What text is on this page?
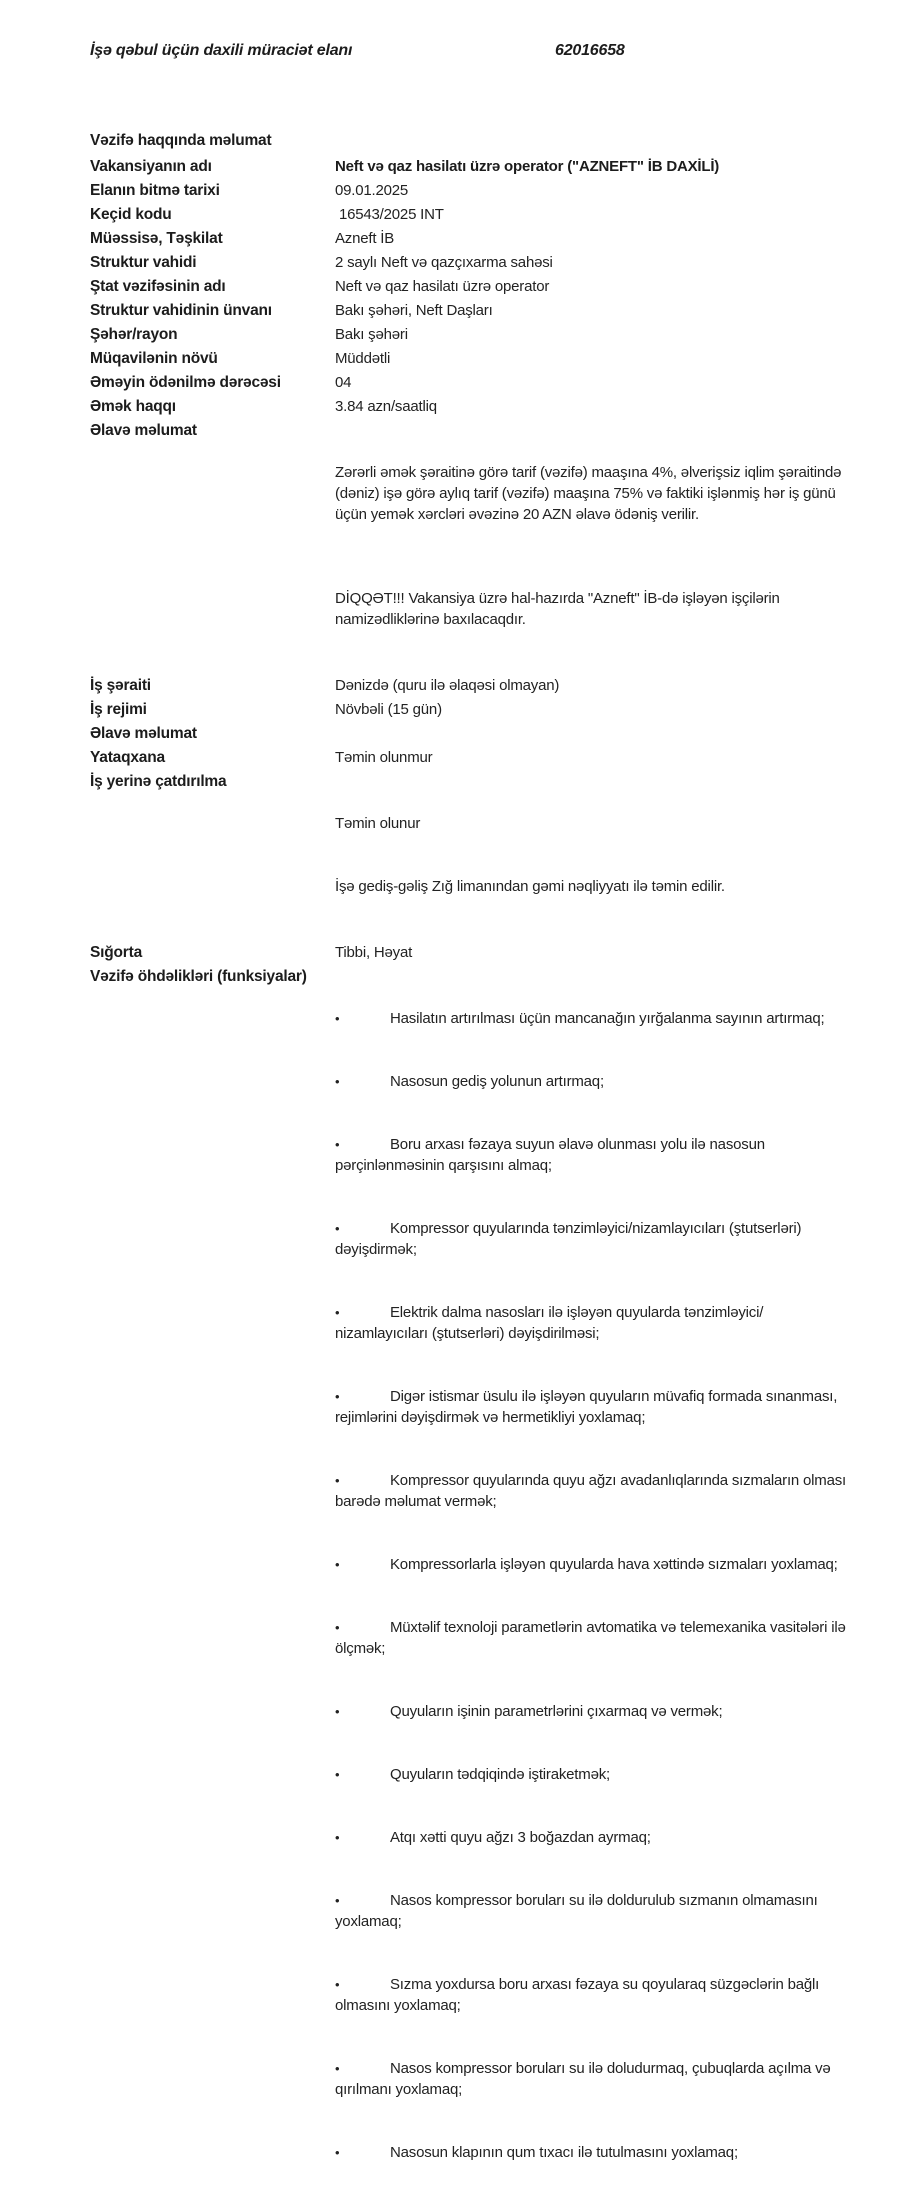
İşə qəbul üçün daxili müraciət elanı	62016658
Vəzifə haqqında məlumat
Vakansiyanın adı	Neft və qaz hasilatı üzrə operator ("AZNEFT" İB DAXİLİ)
Elanın bitmə tarixi	09.01.2025
Keçid kodu	16543/2025 INT
Müəssisə, Təşkilat	Azneft İB
Struktur vahidi	2 saylı Neft və qazçıxarma sahəsi
Ştat vəzifəsinin adı	Neft və qaz hasilatı üzrə operator
Struktur vahidinin ünvanı	Bakı şəhəri, Neft Daşları
Şəhər/rayon	Bakı şəhəri
Müqavilənin növü	Müddətli
Əməyin ödənilmə dərəcəsi	04
Əmək haqqı	3.84 azn/saatliq
Əlavə məlumat

Zərərli əmək şəraitinə görə tarif (vəzifə) maaşına 4%, əlverişsiz iqlim şəraitində (dəniz) işə görə aylıq tarif (vəzifə) maaşına 75% və faktiki işlənmiş hər iş günü üçün yemək xərcləri əvəzinə 20 AZN əlavə ödəniş verilir.

DİQQƏT!!! Vakansiya üzrə hal-hazırda "Azneft" İB-də işləyən işçilərin namizədliklərinə baxılacaqdır.

İş şəraiti	Dənizdə (quru ilə əlaqəsi olmayan)
İş rejimi	Növbəli (15 gün)
Əlavə məlumat
Yataqxana	Təmin olunmur
İş yerinə çatdırılma

Təmin olunur

İşə gediş-gəliş Zığ limanından gəmi nəqliyyatı ilə təmin edilir.

Sığorta	Tibbi, Həyat
Vəzifə öhdəlikləri (funksiyalar)

•	Hasilatın artırılması üçün mancanağın yırğalanma sayının artırmaq;

•	Nasosun gediş yolunun artırmaq;

•	Boru arxası fəzaya suyun əlavə olunması yolu ilə nasosun pərçinlənməsinin qarşısını almaq;

•	Kompressor quyularında tənzimləyici/nizamlayıcıları (ştutserləri) dəyişdirmək;

•	Elektrik dalma nasosları ilə işləyən quyularda tənzimləyici/ nizamlayıcıları (ştutserləri) dəyişdirilməsi;

•	Digər istismar üsulu ilə işləyən quyuların müvafiq formada sınanması, rejimlərini dəyişdirmək və hermetikliyi yoxlamaq;

•	Kompressor quyularında quyu ağzı avadanlıqlarında sızmaların olması barədə məlumat vermək;

•	Kompressorlarla işləyən quyularda hava xəttində sızmaları yoxlamaq;

•	Müxtəlif texnoloji parametlərin avtomatika və telemexanika vasitələri ilə ölçmək;

•	Quyuların işinin parametrlərini çıxarmaq və vermək;

•	Quyuların tədqiqində iştiraketmək;

•	Atqı xətti quyu ağzı 3 boğazdan ayrmaq;

•	Nasos kompressor boruları su ilə doldurulub sızmanın olmamasını yoxlamaq;

•	Sızma yoxdursa boru arxası fəzaya su qoyularaq süzgəclərin bağlı olmasını yoxlamaq;

•	Nasos kompressor boruları su ilə doludurmaq, çubuqlarda açılma və qırılmanı yoxlamaq;

•	Nasosun klapının qum tıxacı ilə tutulmasını yoxlamaq;
